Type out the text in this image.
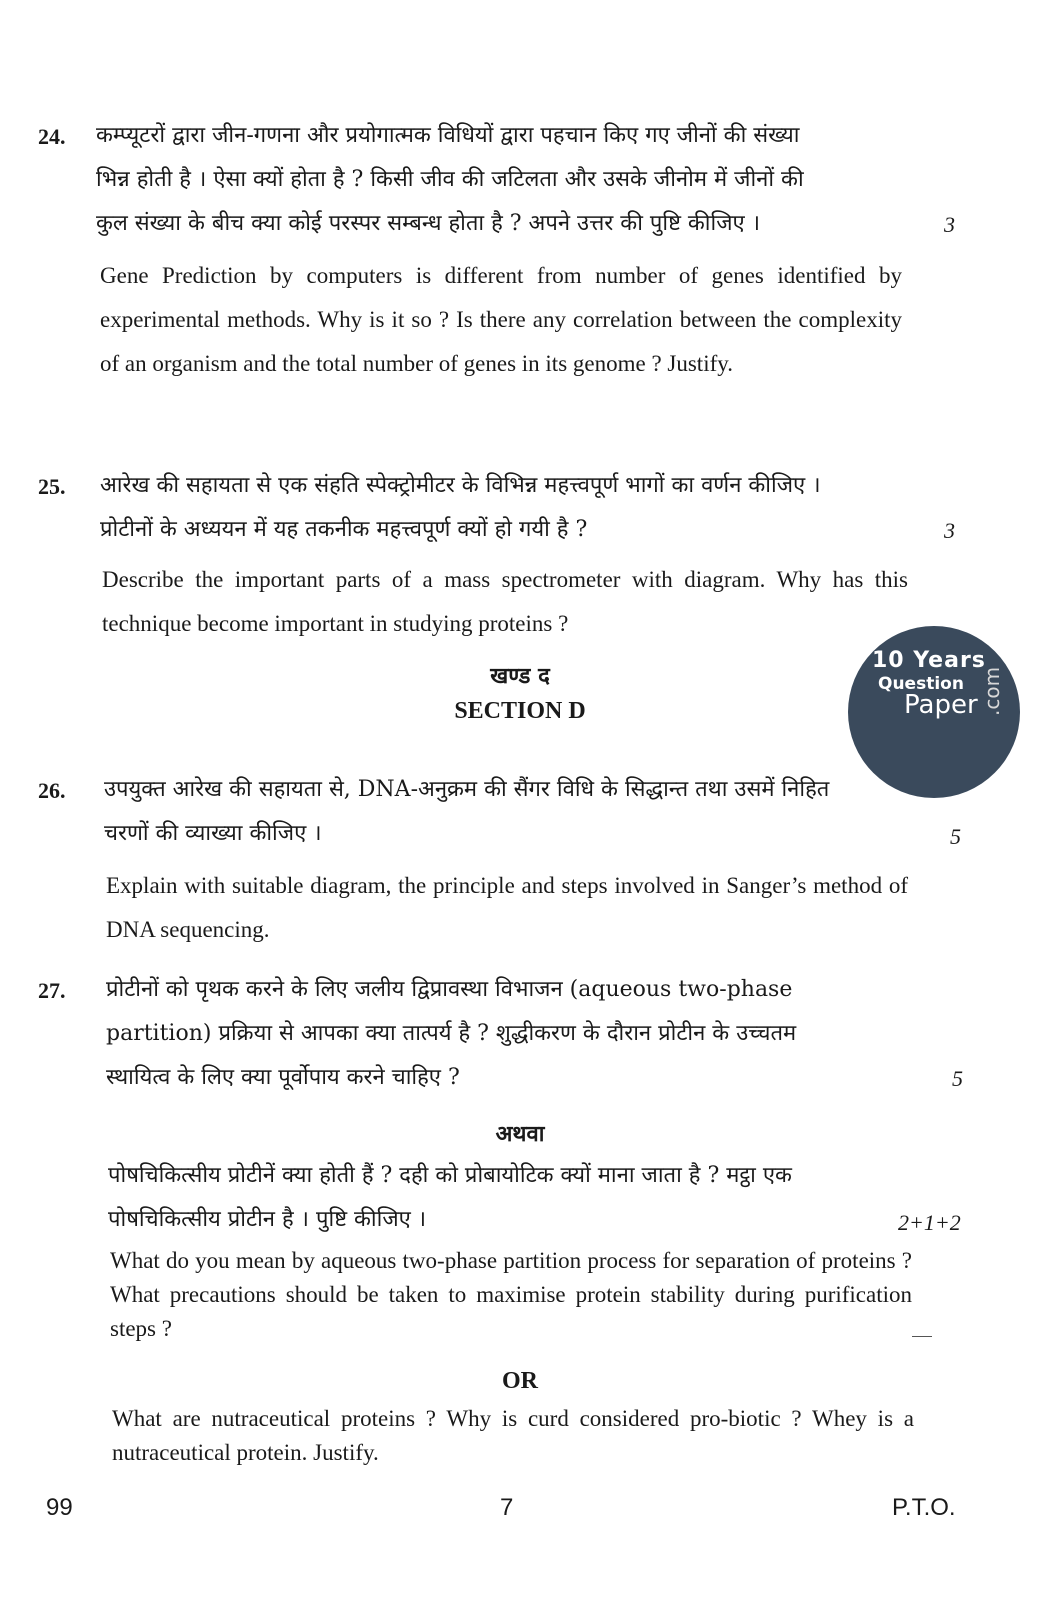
24. कम्प्यूटरों द्वारा जीन-गणना और प्रयोगात्मक विधियों द्वारा पहचान किए गए जीनों की संख्या

भिन्न होती है । ऐसा क्यों होता है ? किसी जीव की जटिलता और उसके जीनोम में जीनों की

कुल संख्या के बीच क्या कोई परस्पर सम्बन्ध होता है ? अपने उत्तर की पुष्टि कीजिए ।	3

Gene Prediction by computers is different from number of genes identified by experimental methods. Why is it so ? Is there any correlation between the complexity of an organism and the total number of genes in its genome ? Justify.

25. आरेख की सहायता से एक संहति स्पेक्ट्रोमीटर के विभिन्न महत्त्वपूर्ण भागों का वर्णन कीजिए ।

प्रोटीनों के अध्ययन में यह तकनीक महत्त्वपूर्ण क्यों हो गयी है ?	3

Describe the important parts of a mass spectrometer with diagram. Why has this technique become important in studying proteins ?

खण्ड द
SECTION D
10 Years
Question
Paper .com
26. उपयुक्त आरेख की सहायता से, DNA-अनुक्रम की सैंगर विधि के सिद्धान्त तथा उसमें निहित

चरणों की व्याख्या कीजिए ।	5

Explain with suitable diagram, the principle and steps involved in Sanger’s method of DNA sequencing.

27. प्रोटीनों को पृथक करने के लिए जलीय द्विप्रावस्था विभाजन (aqueous two-phase

partition) प्रक्रिया से आपका क्या तात्पर्य है ? शुद्धीकरण के दौरान प्रोटीन के उच्चतम

स्थायित्व के लिए क्या पूर्वोपाय करने चाहिए ?	5
अथवा

पोषचिकित्सीय प्रोटीनें क्या होती हैं ? दही को प्रोबायोटिक क्यों माना जाता है ? मट्ठा एक

पोषचिकित्सीय प्रोटीन है । पुष्टि कीजिए ।	2+1+2

What do you mean by aqueous two-phase partition process for separation of proteins ? What precautions should be taken to maximise protein stability during purification steps ?

OR

What are nutraceutical proteins ? Why is curd considered pro-biotic ? Whey is a nutraceutical protein. Justify.

99	7	P.T.O.
